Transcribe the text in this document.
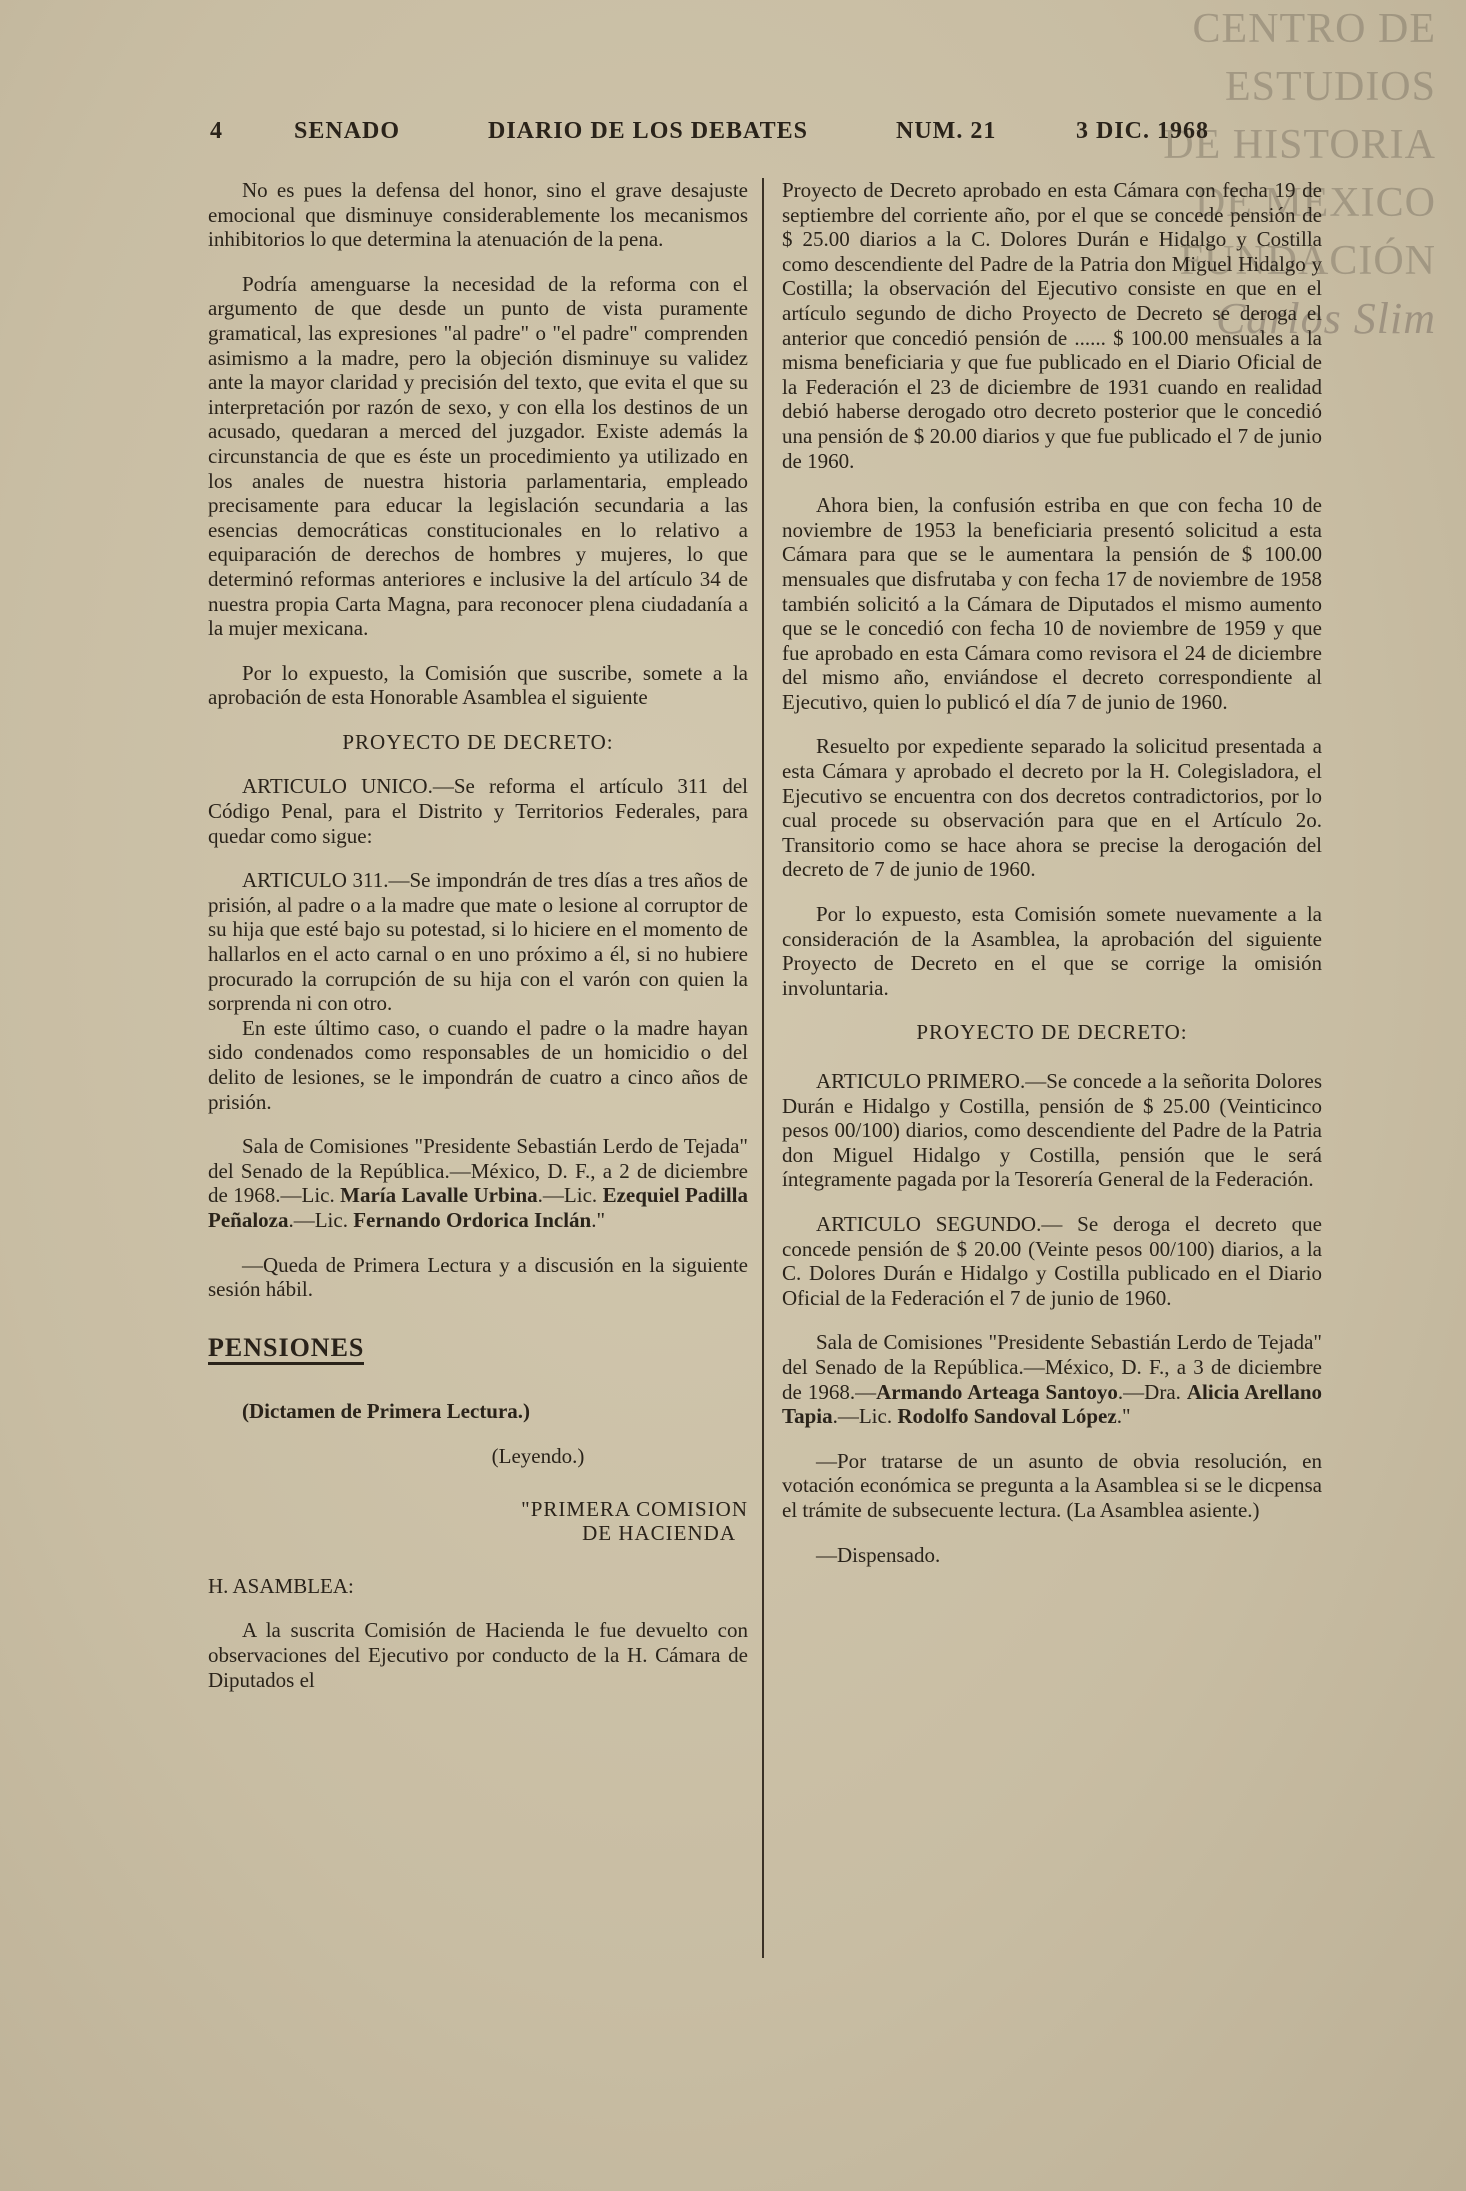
CENTRO DE
ESTUDIOS
DE HISTORIA
DE MEXICO
FUNDACIÓN
Carlos Slim
4	SENADO	DIARIO DE LOS DEBATES	NUM. 21	3 DIC. 1968

No es pues la defensa del honor, sino el grave desajuste emocional que disminuye considerablemente los mecanismos inhibitorios lo que determina la atenuación de la pena.

Podría amenguarse la necesidad de la reforma con el argumento de que desde un punto de vista puramente gramatical, las expresiones "al padre" o "el padre" comprenden asimismo a la madre, pero la objeción disminuye su validez ante la mayor claridad y precisión del texto, que evita el que su interpretación por razón de sexo, y con ella los destinos de un acusado, quedaran a merced del juzgador. Existe además la circunstancia de que es éste un procedimiento ya utilizado en los anales de nuestra historia parlamentaria, empleado precisamente para educar la legislación secundaria a las esencias democráticas constitucionales en lo relativo a equiparación de derechos de hombres y mujeres, lo que determinó reformas anteriores e inclusive la del artículo 34 de nuestra propia Carta Magna, para reconocer plena ciudadanía a la mujer mexicana.

Por lo expuesto, la Comisión que suscribe, somete a la aprobación de esta Honorable Asamblea el siguiente

PROYECTO DE DECRETO:

ARTICULO UNICO.—Se reforma el artículo 311 del Código Penal, para el Distrito y Territorios Federales, para quedar como sigue:

ARTICULO 311.—Se impondrán de tres días a tres años de prisión, al padre o a la madre que mate o lesione al corruptor de su hija que esté bajo su potestad, si lo hiciere en el momento de hallarlos en el acto carnal o en uno próximo a él, si no hubiere procurado la corrupción de su hija con el varón con quien la sorprenda ni con otro.

En este último caso, o cuando el padre o la madre hayan sido condenados como responsables de un homicidio o del delito de lesiones, se le impondrán de cuatro a cinco años de prisión.

Sala de Comisiones "Presidente Sebastián Lerdo de Tejada" del Senado de la República.—México, D. F., a 2 de diciembre de 1968.—Lic. María Lavalle Urbina.—Lic. Ezequiel Padilla Peñaloza.—Lic. Fernando Ordorica Inclán."

—Queda de Primera Lectura y a discusión en la siguiente sesión hábil.

PENSIONES

(Dictamen de Primera Lectura.)

(Leyendo.)
"PRIMERA COMISION
DE HACIENDA

H. ASAMBLEA:

A la suscrita Comisión de Hacienda le fue devuelto con observaciones del Ejecutivo por conducto de la H. Cámara de Diputados el

Proyecto de Decreto aprobado en esta Cámara con fecha 19 de septiembre del corriente año, por el que se concede pensión de $ 25.00 diarios a la C. Dolores Durán e Hidalgo y Costilla como descendiente del Padre de la Patria don Miguel Hidalgo y Costilla; la observación del Ejecutivo consiste en que en el artículo segundo de dicho Proyecto de Decreto se deroga el anterior que concedió pensión de ...... $ 100.00 mensuales a la misma beneficiaria y que fue publicado en el Diario Oficial de la Federación el 23 de diciembre de 1931 cuando en realidad debió haberse derogado otro decreto posterior que le concedió una pensión de $ 20.00 diarios y que fue publicado el 7 de junio de 1960.

Ahora bien, la confusión estriba en que con fecha 10 de noviembre de 1953 la beneficiaria presentó solicitud a esta Cámara para que se le aumentara la pensión de $ 100.00 mensuales que disfrutaba y con fecha 17 de noviembre de 1958 también solicitó a la Cámara de Diputados el mismo aumento que se le concedió con fecha 10 de noviembre de 1959 y que fue aprobado en esta Cámara como revisora el 24 de diciembre del mismo año, enviándose el decreto correspondiente al Ejecutivo, quien lo publicó el día 7 de junio de 1960.

Resuelto por expediente separado la solicitud presentada a esta Cámara y aprobado el decreto por la H. Colegisladora, el Ejecutivo se encuentra con dos decretos contradictorios, por lo cual procede su observación para que en el Artículo 2o. Transitorio como se hace ahora se precise la derogación del decreto de 7 de junio de 1960.

Por lo expuesto, esta Comisión somete nuevamente a la consideración de la Asamblea, la aprobación del siguiente Proyecto de Decreto en el que se corrige la omisión involuntaria.

PROYECTO DE DECRETO:

ARTICULO PRIMERO.—Se concede a la señorita Dolores Durán e Hidalgo y Costilla, pensión de $ 25.00 (Veinticinco pesos 00/100) diarios, como descendiente del Padre de la Patria don Miguel Hidalgo y Costilla, pensión que le será íntegramente pagada por la Tesorería General de la Federación.

ARTICULO SEGUNDO.— Se deroga el decreto que concede pensión de $ 20.00 (Veinte pesos 00/100) diarios, a la C. Dolores Durán e Hidalgo y Costilla publicado en el Diario Oficial de la Federación el 7 de junio de 1960.

Sala de Comisiones "Presidente Sebastián Lerdo de Tejada" del Senado de la República.—México, D. F., a 3 de diciembre de 1968.—Armando Arteaga Santoyo.—Dra. Alicia Arellano Tapia.—Lic. Rodolfo Sandoval López."

—Por tratarse de un asunto de obvia resolución, en votación económica se pregunta a la Asamblea si se le dicpensa el trámite de subsecuente lectura. (La Asamblea asiente.)

—Dispensado.
